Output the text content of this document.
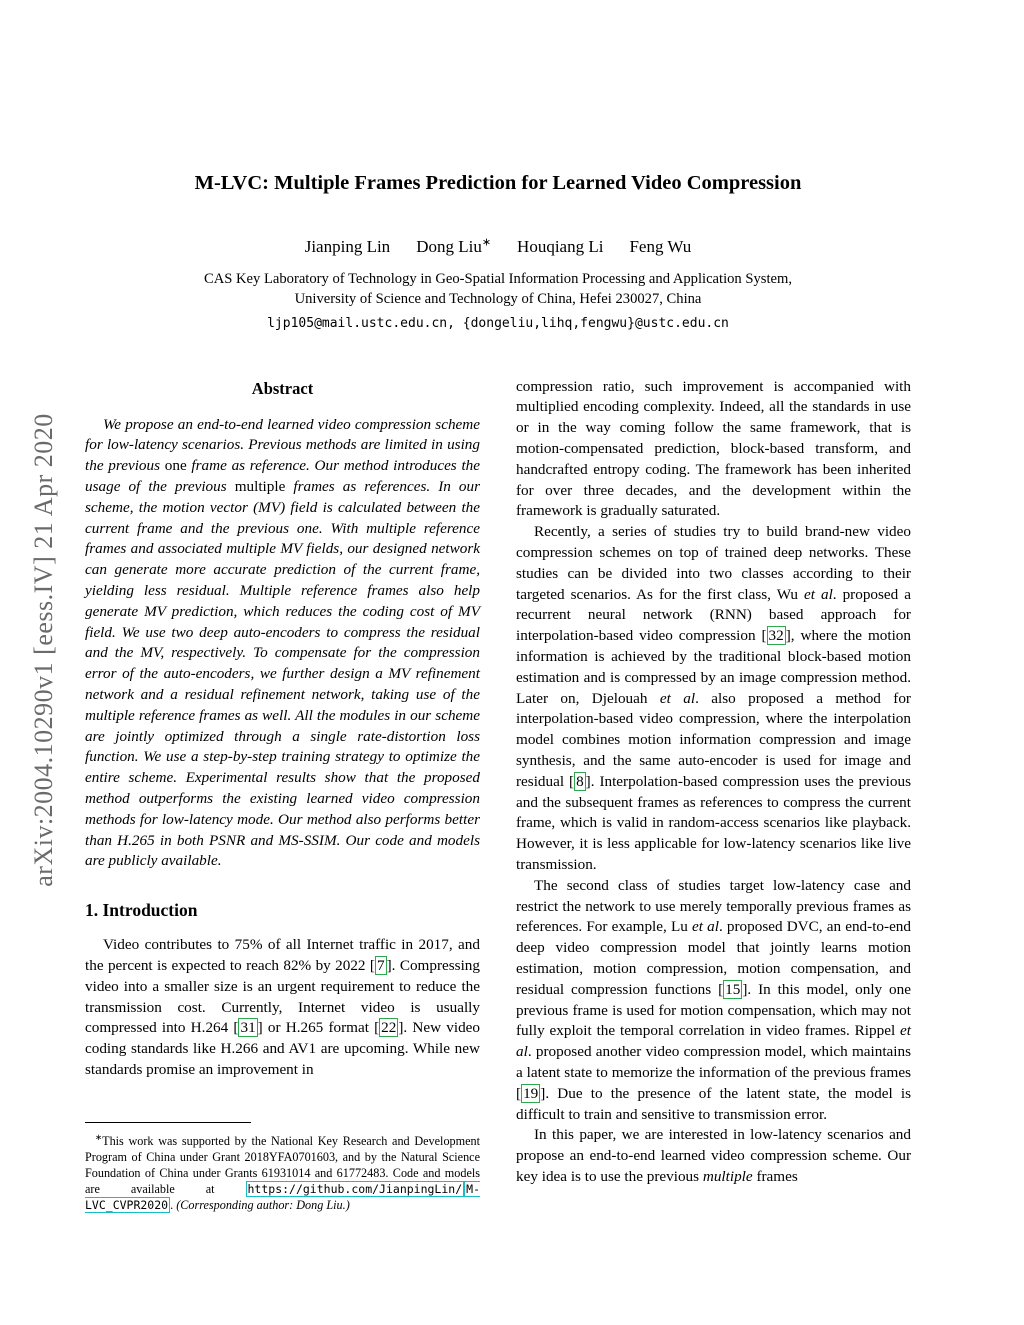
arXiv:2004.10290v1 [eess.IV] 21 Apr 2020
M-LVC: Multiple Frames Prediction for Learned Video Compression
Jianping Lin Dong Liu∗ Houqiang Li Feng Wu
CAS Key Laboratory of Technology in Geo-Spatial Information Processing and Application System,
University of Science and Technology of China, Hefei 230027, China
ljp105@mail.ustc.edu.cn, {dongeliu,lihq,fengwu}@ustc.edu.cn
Abstract

We propose an end-to-end learned video compression scheme for low-latency scenarios. Previous methods are limited in using the previous one frame as reference. Our method introduces the usage of the previous multiple frames as references. In our scheme, the motion vector (MV) field is calculated between the current frame and the previous one. With multiple reference frames and associated multiple MV fields, our designed network can generate more accurate prediction of the current frame, yielding less residual. Multiple reference frames also help generate MV prediction, which reduces the coding cost of MV field. We use two deep auto-encoders to compress the residual and the MV, respectively. To compensate for the compression error of the auto-encoders, we further design a MV refinement network and a residual refinement network, taking use of the multiple reference frames as well. All the modules in our scheme are jointly optimized through a single rate-distortion loss function. We use a step-by-step training strategy to optimize the entire scheme. Experimental results show that the proposed method outperforms the existing learned video compression methods for low-latency mode. Our method also performs better than H.265 in both PSNR and MS-SSIM. Our code and models are publicly available.

1. Introduction

Video contributes to 75% of all Internet traffic in 2017, and the percent is expected to reach 82% by 2022 [ 7 ]. Compressing video into a smaller size is an urgent requirement to reduce the transmission cost. Currently, Internet video is usually compressed into H.264 [ 31 ] or H.265 format [ 22 ]. New video coding standards like H.266 and AV1 are upcoming. While new standards promise an improvement in

∗This work was supported by the National Key Research and Development Program of China under Grant 2018YFA0701603, and by the Natural Science Foundation of China under Grants 61931014 and 61772483. Code and models are available at https://github.com/JianpingLin/ M-LVC_CVPR2020 . (Corresponding author: Dong Liu.)

compression ratio, such improvement is accompanied with multiplied encoding complexity. Indeed, all the standards in use or in the way coming follow the same framework, that is motion-compensated prediction, block-based transform, and handcrafted entropy coding. The framework has been inherited for over three decades, and the development within the framework is gradually saturated.

Recently, a series of studies try to build brand-new video compression schemes on top of trained deep networks. These studies can be divided into two classes according to their targeted scenarios. As for the first class, Wu et al. proposed a recurrent neural network (RNN) based approach for interpolation-based video compression [ 32 ], where the motion information is achieved by the traditional block-based motion estimation and is compressed by an image compression method. Later on, Djelouah et al. also proposed a method for interpolation-based video compression, where the interpolation model combines motion information compression and image synthesis, and the same auto-encoder is used for image and residual [ 8 ]. Interpolation-based compression uses the previous and the subsequent frames as references to compress the current frame, which is valid in random-access scenarios like playback. However, it is less applicable for low-latency scenarios like live transmission.

The second class of studies target low-latency case and restrict the network to use merely temporally previous frames as references. For example, Lu et al. proposed DVC, an end-to-end deep video compression model that jointly learns motion estimation, motion compression, motion compensation, and residual compression functions [ 15 ]. In this model, only one previous frame is used for motion compensation, which may not fully exploit the temporal correlation in video frames. Rippel et al. proposed another video compression model, which maintains a latent state to memorize the information of the previous frames [ 19 ]. Due to the presence of the latent state, the model is difficult to train and sensitive to transmission error.

In this paper, we are interested in low-latency scenarios and propose an end-to-end learned video compression scheme. Our key idea is to use the previous multiple frames
